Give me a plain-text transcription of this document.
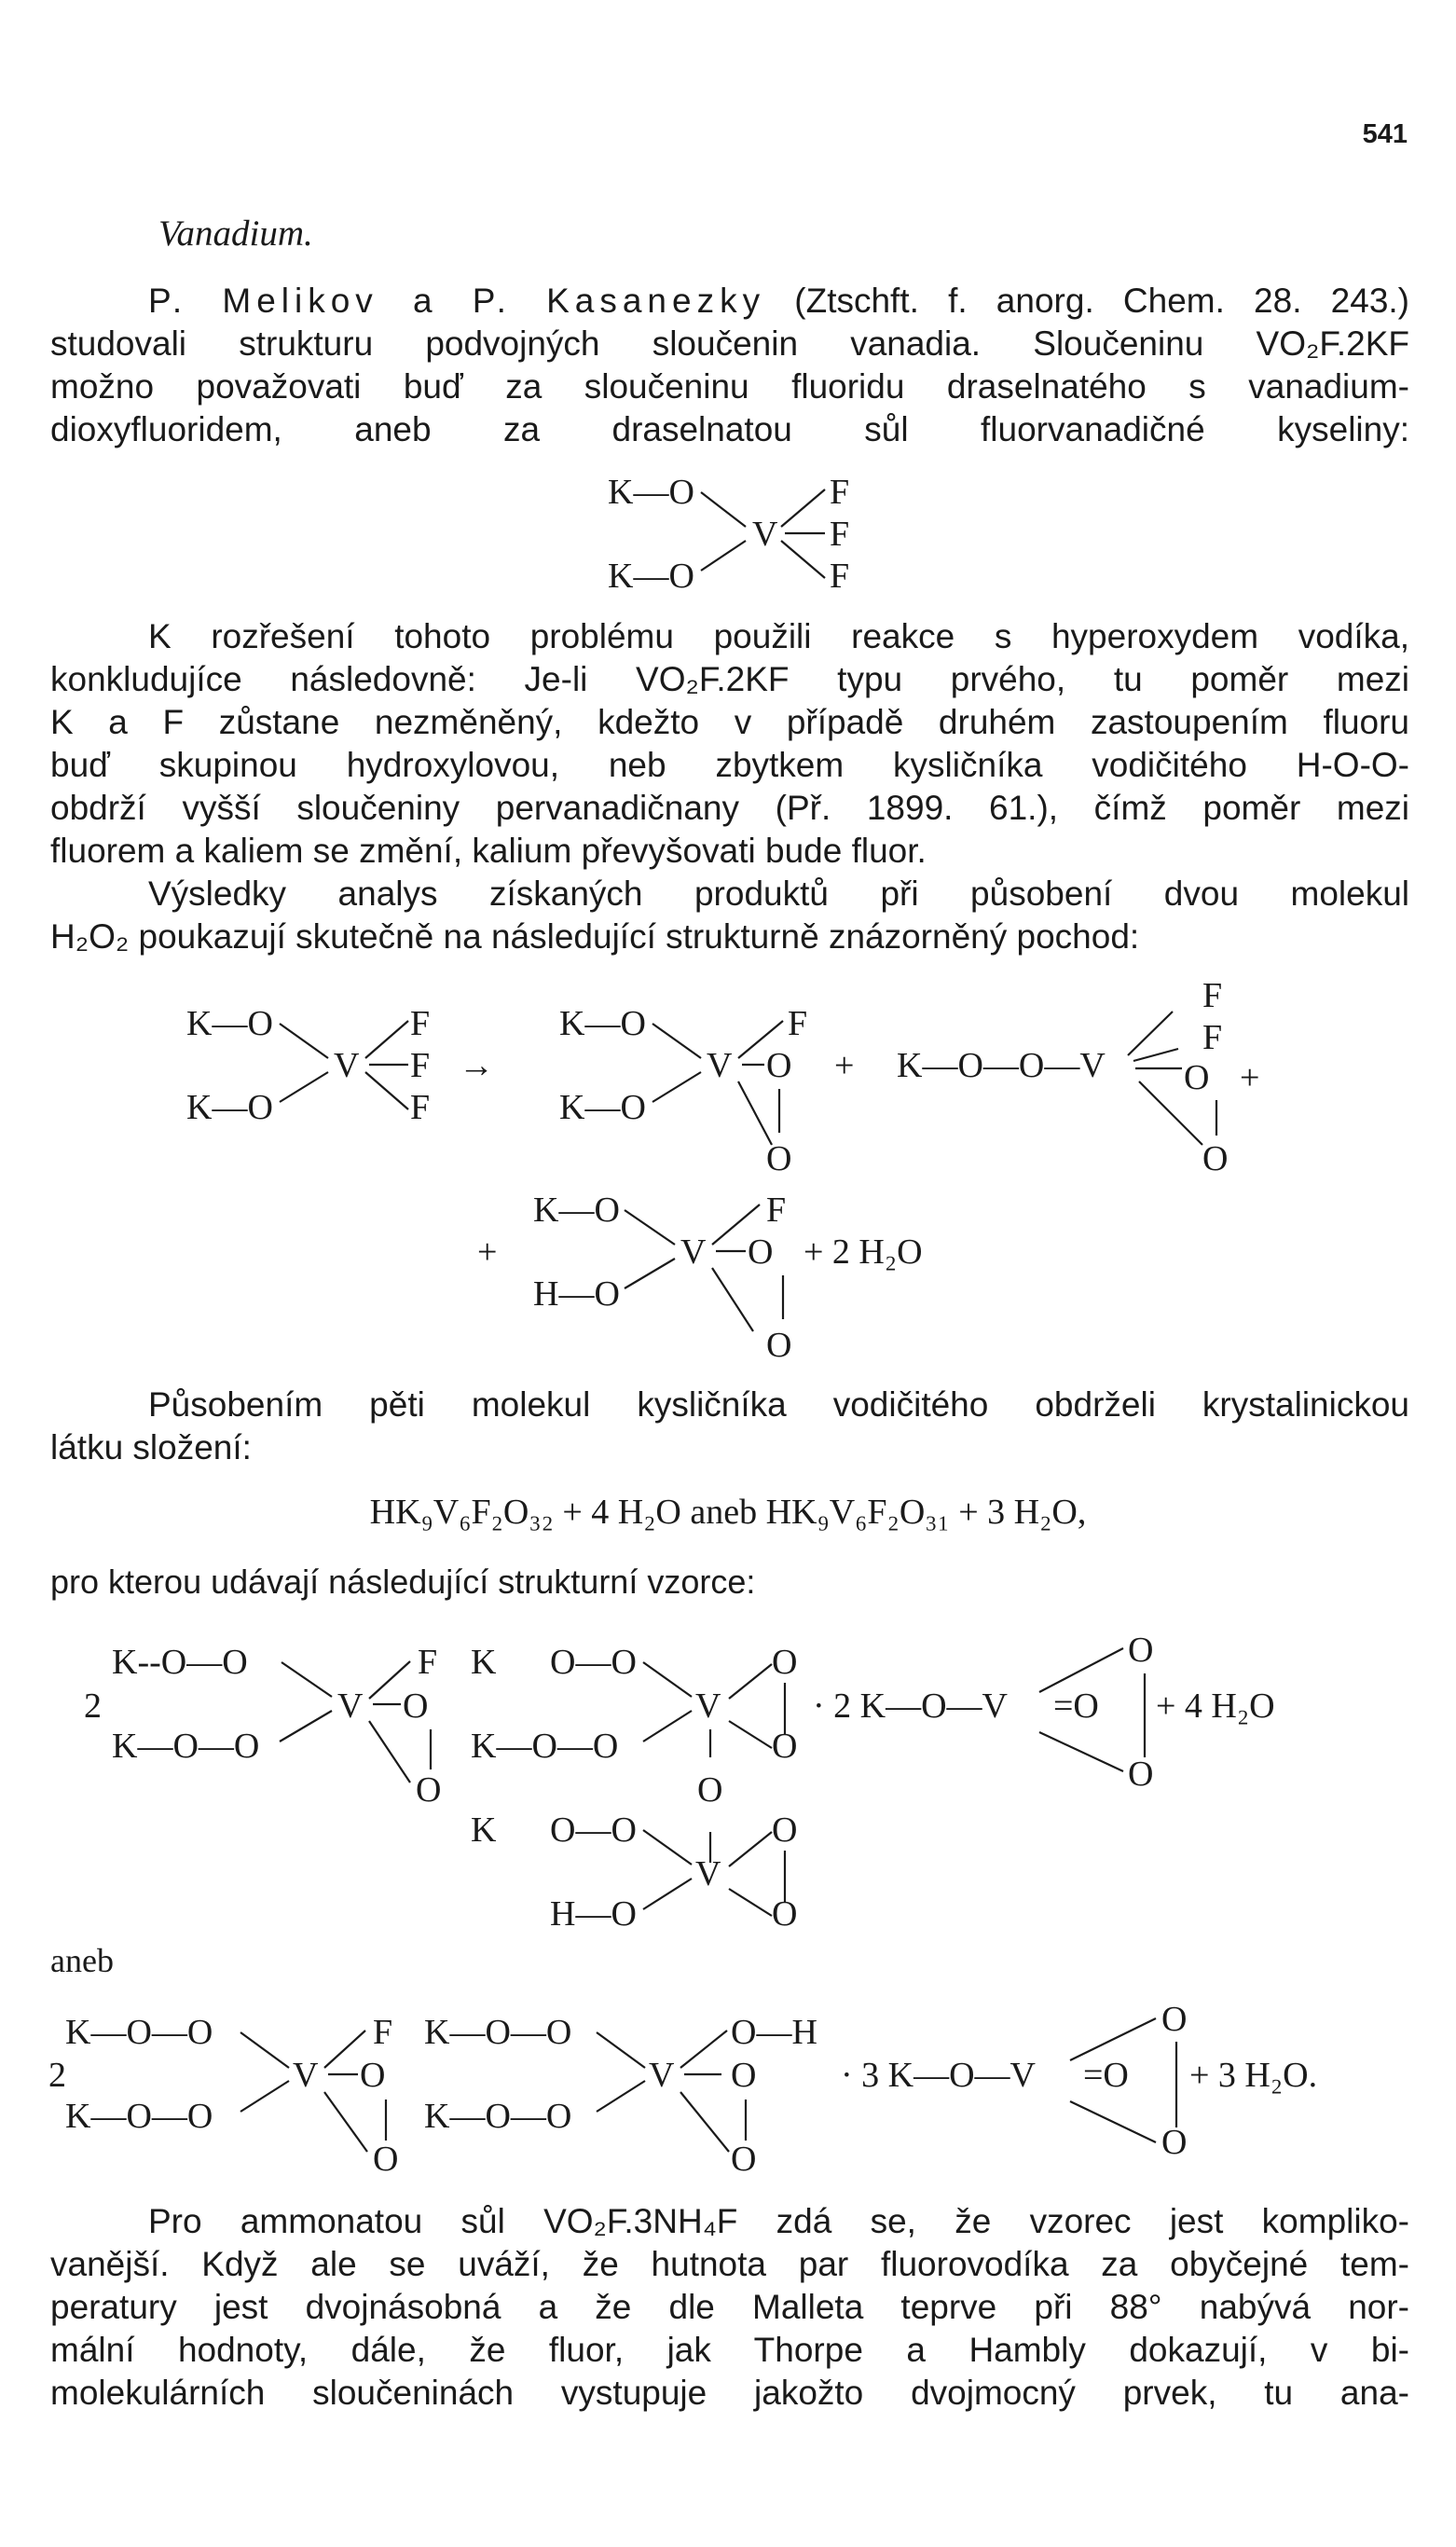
541
Vanadium.
P. Melikov a P. Kasanezky (Ztschft. f. anorg. Chem. 28. 243.)
studovali strukturu podvojných sloučenin vanadia. Sloučeninu VO₂F.2KF
možno považovati buď za sloučeninu fluoridu draselnatého s vanadium-
dioxyfluoridem, aneb za draselnatou sůl fluorvanadičné kyseliny:
K—O
K—O
V
F
F
F
K rozřešení tohoto problému použili reakce s hyperoxydem vodíka,
konkludujíce následovně: Je-li VO₂F.2KF typu prvého, tu poměr mezi
K a F zůstane nezměněný, kdežto v případě druhém zastoupením fluoru
buď skupinou hydroxylovou, neb zbytkem kysličníka vodičitého H-O-O-
obdrží vyšší sloučeniny pervanadičnany (Př. 1899. 61.), čímž poměr mezi
fluorem a kaliem se změní, kalium převyšovati bude fluor.
Výsledky analys získaných produktů při působení dvou molekul
H₂O₂ poukazují skutečně na následující strukturně znázorněný pochod:
K—O
K—O
V
F
F
F
→
K—O
K—O
V
F
O
O
+ K—O—O—V
F
F
O
O
+
+
K—O
H—O
V
F
O
O
+ 2 H₂O
Působením pěti molekul kysličníka vodičitého obdrželi krystalinickou
látku složení:
HK₉V₆F₂O₃₂ + 4 H₂O aneb HK₉V₆F₂O₃₁ + 3 H₂O,
pro kterou udávají následující strukturní vzorce:
K--O—O
2
K—O—O
V
F
O
O
K O—O
K—O—O
V
O
O
O
· 2 K—O—V =O
O
O
+ 4 H₂O
K O—O
H—O
V
O
O
aneb
K—O—O
2
K—O—O
V
F
O
O
K—O—O
K—O—O
V
O—H
O
O
· 3 K—O—V =O
O
O
+ 3 H₂O.
Pro ammonatou sůl VO₂F.3NH₄F zdá se, že vzorec jest kompliko-
vanější. Když ale se uváží, že hutnota par fluorovodíka za obyčejné tem-
peratury jest dvojnásobná a že dle Malleta teprve při 88° nabývá nor-
mální hodnoty, dále, že fluor, jak Thorpe a Hambly dokazují, v bi-
molekulárních sloučeninách vystupuje jakožto dvojmocný prvek, tu ana-
